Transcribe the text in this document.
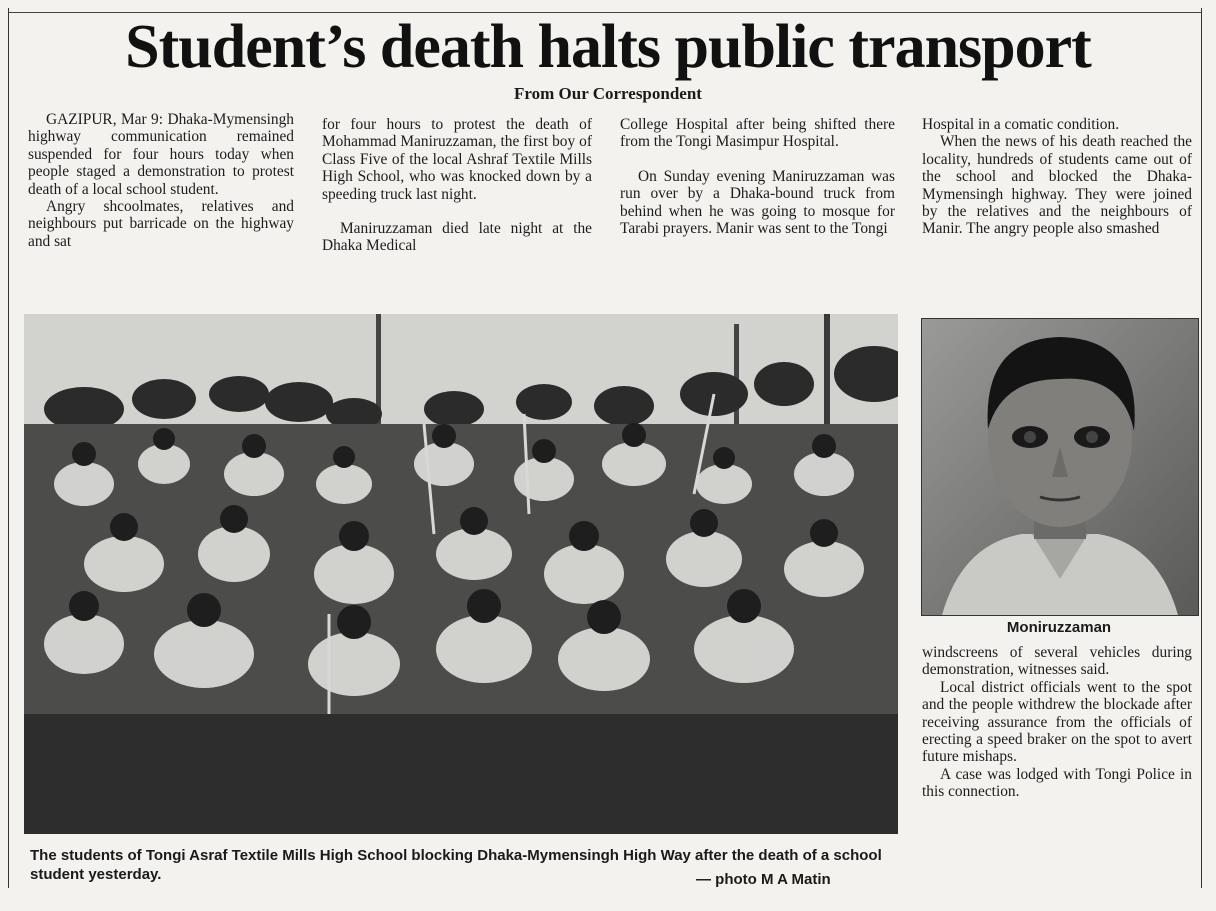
Student’s death halts public transport
From Our Correspondent

GAZIPUR, Mar 9: Dhaka-Mymensingh highway communication remained suspended for four hours today when people staged a demonstration to protest death of a local school student.

Angry shcoolmates, relatives and neighbours put barricade on the highway and sat

for four hours to protest the death of Mohammad Maniruzzaman, the first boy of Class Five of the local Ashraf Textile Mills High School, who was knocked down by a speeding truck last night.

Maniruzzaman died late night at the Dhaka Medical

College Hospital after being shifted there from the Tongi Masimpur Hospital.

On Sunday evening Maniruzzaman was run over by a Dhaka-bound truck from behind when he was going to mosque for Tarabi prayers. Manir was sent to the Tongi

Hospital in a comatic condition.

When the news of his death reached the locality, hundreds of students came out of the school and blocked the Dhaka-Mymensingh highway. They were joined by the relatives and the neighbours of Manir. The angry people also smashed

The students of Tongi Asraf Textile Mills High School blocking Dhaka-Mymensingh High Way after the death of a school student yesterday.	— photo M A Matin
Moniruzzaman

windscreens of several vehicles during demonstration, witnesses said.

Local district officials went to the spot and the people withdrew the blockade after receiving assurance from the officials of erecting a speed braker on the spot to avert future mishaps.

A case was lodged with Tongi Police in this connection.
